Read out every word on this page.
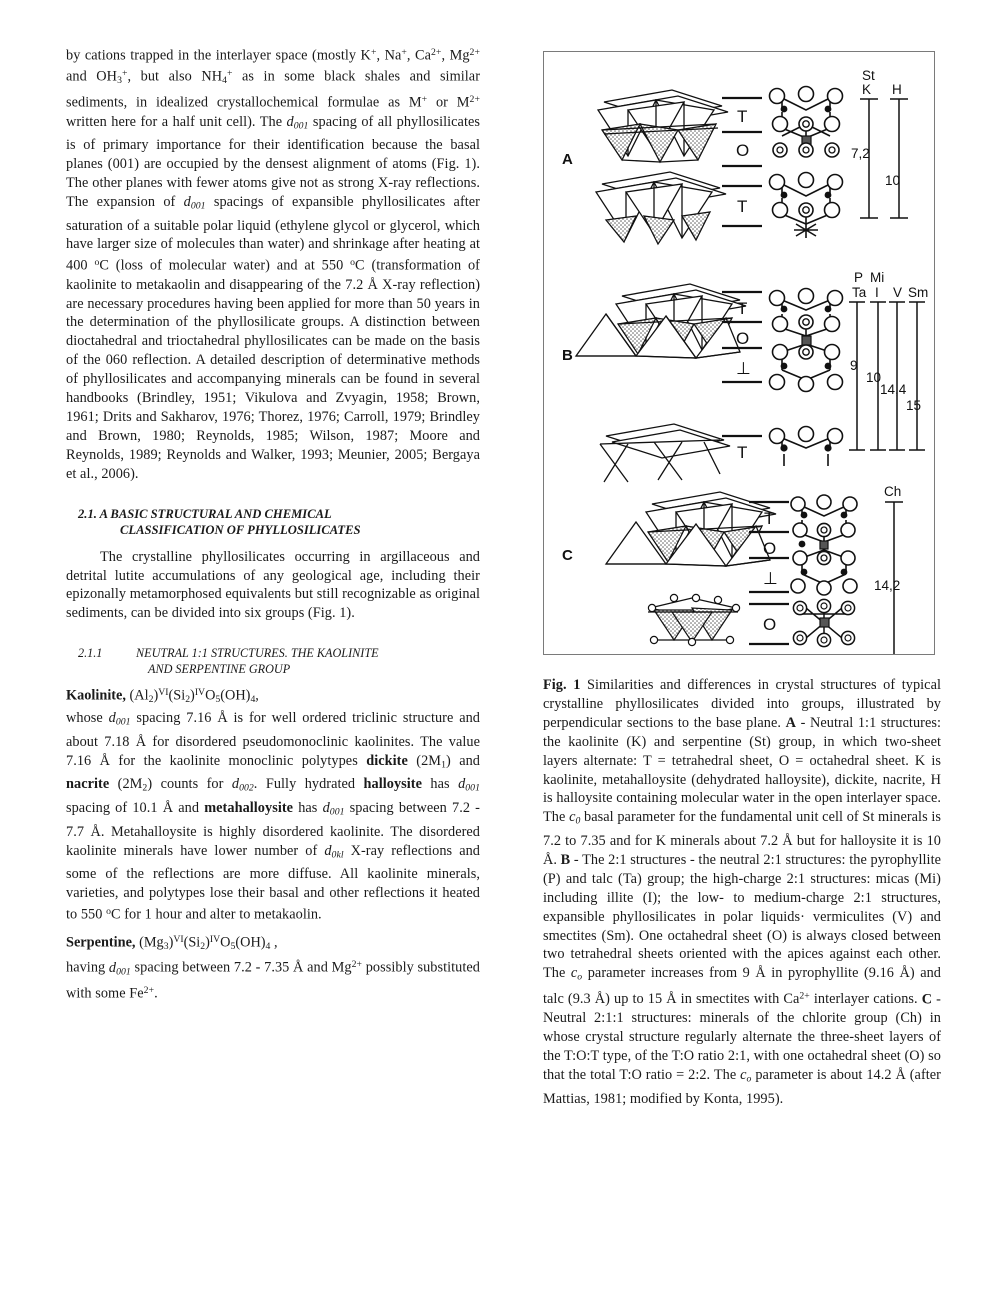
by cations trapped in the interlayer space (mostly K+, Na+, $Ca^{2+}$, $Mg^{2+}$ and $OH_3^+$, but also $NH_4^+$ as in some black shales and similar sediments, in idealized crystallochemical formulae as M+ or $M^{2+}$ written here for a half unit cell). The $d_{001}$ spacing of all phyllosilicates is of primary importance for their identification because the basal planes (001) are occupied by the densest alignment of atoms (Fig. 1). The other planes with fewer atoms give not as strong X-ray reflections. The expansion of $d_{001}$ spacings of expansible phyllosilicates after saturation of a suitable polar liquid (ethylene glycol or glycerol, which have larger size of molecules than water) and shrinkage after heating at 400 $^o$C (loss of molecular water) and at 550 $^o$C (transformation of kaolinite to metakaolin and disappearing of the 7.2 Å X-ray reflection) are necessary procedures having been applied for more than 50 years in the determination of the phyllosilicate groups. A distinction between dioctahedral and trioctahedral phyllosilicates can be made on the basis of the 060 reflection. A detailed description of determinative methods of phyllosilicates and accompanying minerals can be found in several handbooks (Brindley, 1951; Vikulova and Zvyagin, 1958; Brown, 1961; Drits and Sakharov, 1976; Thorez, 1976; Carroll, 1979; Brindley and Brown, 1980; Reynolds, 1985; Wilson, 1987; Moore and Reynolds, 1989; Reynolds and Walker, 1993; Meunier, 2005; Bergaya et al., 2006).

2.1. A BASIC STRUCTURAL AND CHEMICAL
CLASSIFICATION OF PHYLLOSILICATES

The crystalline phyllosilicates occurring in argillaceous and detrital lutite accumulations of any geological age, including their epizonally metamorphosed equivalents but still recognizable as original sediments, can be divided into six groups (Fig. 1).

2.1.1	NEUTRAL 1:1 STRUCTURES. THE KAOLINITE
AND SERPENTINE GROUP

Kaolinite, $(Al_2)^{VI}(Si_2)^{IV}O_5(OH)_4$,

whose $d_{001}$ spacing 7.16 Å is for well ordered triclinic structure and about 7.18 Å for disordered pseudomonoclinic kaolinites. The value 7.16 Å for the kaolinite monoclinic polytypes dickite $(2M_1)$ and nacrite $(2M_2)$ counts for $d_{002}$. Fully hydrated halloysite has $d_{001}$ spacing of 10.1 Å and metahalloysite has $d_{001}$ spacing between 7.2 - 7.7 Å. Metahalloysite is highly disordered kaolinite. The disordered kaolinite minerals have lower number of $d_{0kl}$ X-ray reflections and some of the reflections are more diffuse. All kaolinite minerals, varieties, and polytypes lose their basal and other reflections it heated to 550 $^o$C for 1 hour and alter to metakaolin.

Serpentine, $(Mg_3)^{VI}(Si_2)^{IV}O_5(OH)_4$ ,

having $d_{001}$ spacing between 7.2 - 7.35 Å and $Mg^{2+}$ possibly substituted with some $Fe^{2+}$.

A
T
O
T
St
K H
7,2
10
B
T
O
⊥
T
P Mi
Ta I V Sm
9
10
14,4
15
C
T
O
⊥
O
Ch
14,2
Fig. 1 Similarities and differences in crystal structures of typical crystalline phyllosilicates divided into groups, illustrated by perpendicular sections to the base plane. A - Neutral 1:1 structures: the kaolinite (K) and serpentine (St) group, in which two-sheet layers alternate: T = tetrahedral sheet, O = octahedral sheet. K is kaolinite, metahalloysite (dehydrated halloysite), dickite, nacrite, H is halloysite containing molecular water in the open interlayer space. The $c_0$ basal parameter for the fundamental unit cell of St minerals is 7.2 to 7.35 and for K minerals about 7.2 Å but for halloysite it is 10 Å. B - The 2:1 structures - the neutral 2:1 structures: the pyrophyllite (P) and talc (Ta) group; the high-charge 2:1 structures: micas (Mi) including illite (I); the low- to medium-charge 2:1 structures, expansible phyllosilicates in polar liquids· vermiculites (V) and smectites (Sm). One octahedral sheet (O) is always closed between two tetrahedral sheets oriented with the apices against each other. The $c_o$ parameter increases from 9 Å in pyrophyllite (9.16 Å) and talc (9.3 Å) up to 15 Å in smectites with $Ca^{2+}$ interlayer cations. C - Neutral 2:1:1 structures: minerals of the chlorite group (Ch) in whose crystal structure regularly alternate the three-sheet layers of the T:O:T type, of the T:O ratio 2:1, with one octahedral sheet (O) so that the total T:O ratio = 2:2. The $c_o$ parameter is about 14.2 Å (after Mattias, 1981; modified by Konta, 1995).
